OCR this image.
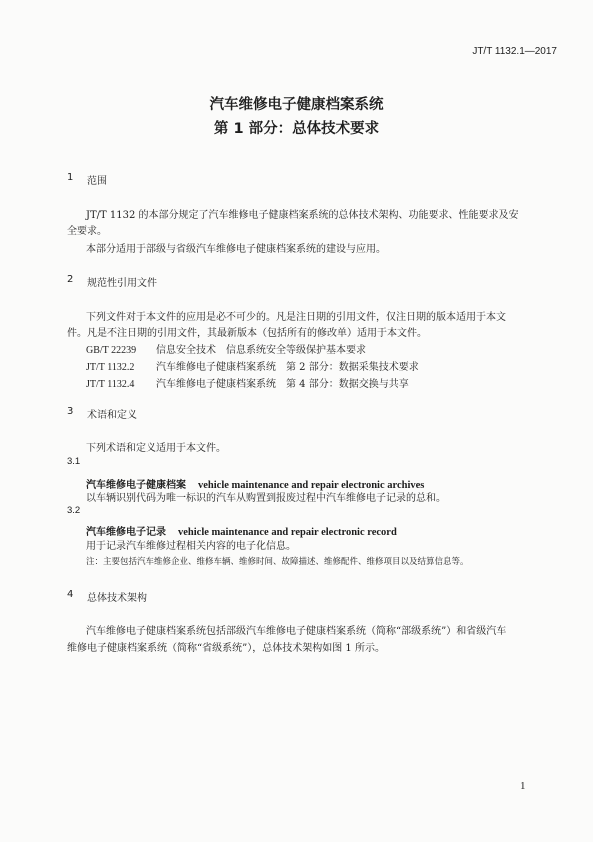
JT/T 1132.1—2017
汽车维修电子健康档案系统
第 1 部分：总体技术要求
1 范围
JT/T 1132 的本部分规定了汽车维修电子健康档案系统的总体技术架构、功能要求、性能要求及安
全要求。
本部分适用于部级与省级汽车维修电子健康档案系统的建设与应用。
2 规范性引用文件
下列文件对于本文件的应用是必不可少的。凡是注日期的引用文件，仅注日期的版本适用于本文
件。凡是不注日期的引用文件，其最新版本（包括所有的修改单）适用于本文件。
GB/T 22239 信息安全技术　信息系统安全等级保护基本要求
JT/T 1132.2 汽车维修电子健康档案系统　第 2 部分：数据采集技术要求
JT/T 1132.4 汽车维修电子健康档案系统　第 4 部分：数据交换与共享
3 术语和定义
下列术语和定义适用于本文件。
3.1
汽车维修电子健康档案 vehicle maintenance and repair electronic archives
以车辆识别代码为唯一标识的汽车从购置到报废过程中汽车维修电子记录的总和。
3.2
汽车维修电子记录 vehicle maintenance and repair electronic record
用于记录汽车维修过程相关内容的电子化信息。
注：主要包括汽车维修企业、维修车辆、维修时间、故障描述、维修配件、维修项目以及结算信息等。
4 总体技术架构
汽车维修电子健康档案系统包括部级汽车维修电子健康档案系统（简称“部级系统”）和省级汽车
维修电子健康档案系统（简称“省级系统”），总体技术架构如图 1 所示。
1
